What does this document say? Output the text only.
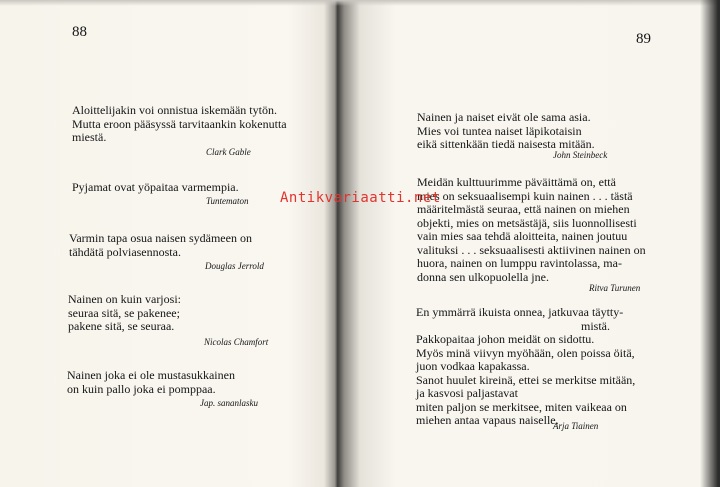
88
Aloittelijakin voi onnistua iskemään tytön.
Mutta eroon pääsyssä tarvitaankin kokenutta
miestä.
Clark Gable
Pyjamat ovat yöpaitaa varmempia.
Tuntematon
Varmin tapa osua naisen sydämeen on
tähdätä polviasennosta.
Douglas Jerrold
Nainen on kuin varjosi:
seuraa sitä, se pakenee;
pakene sitä, se seuraa.
Nicolas Chamfort
Nainen joka ei ole mustasukkainen
on kuin pallo joka ei pomppaa.
Jap. sananlasku
89
Nainen ja naiset eivät ole sama asia.
Mies voi tuntea naiset läpikotaisin
eikä sittenkään tiedä naisesta mitään.
John Steinbeck
Meidän kulttuurimme päväittämä on, että
mies on seksuaalisempi kuin nainen . . . tästä
määritelmästä seuraa, että nainen on miehen
objekti, mies on metsästäjä, siis luonnollisesti
vain mies saa tehdä aloitteita, nainen joutuu
valituksi . . . seksuaalisesti aktiivinen nainen on
huora, nainen on lumppu ravintolassa, ma-
donna sen ulkopuolella jne.
Ritva Turunen
En ymmärrä ikuista onnea, jatkuvaa täytty-
mistä.
Pakkopaitaa johon meidät on sidottu.
Myös minä viivyn myöhään, olen poissa öitä,
juon vodkaa kapakassa.
Sanot huulet kireinä, ettei se merkitse mitään,
ja kasvosi paljastavat
miten paljon se merkitsee, miten vaikeaa on
miehen antaa vapaus naiselle.
Arja Tiainen
Antikvariaatti.net
